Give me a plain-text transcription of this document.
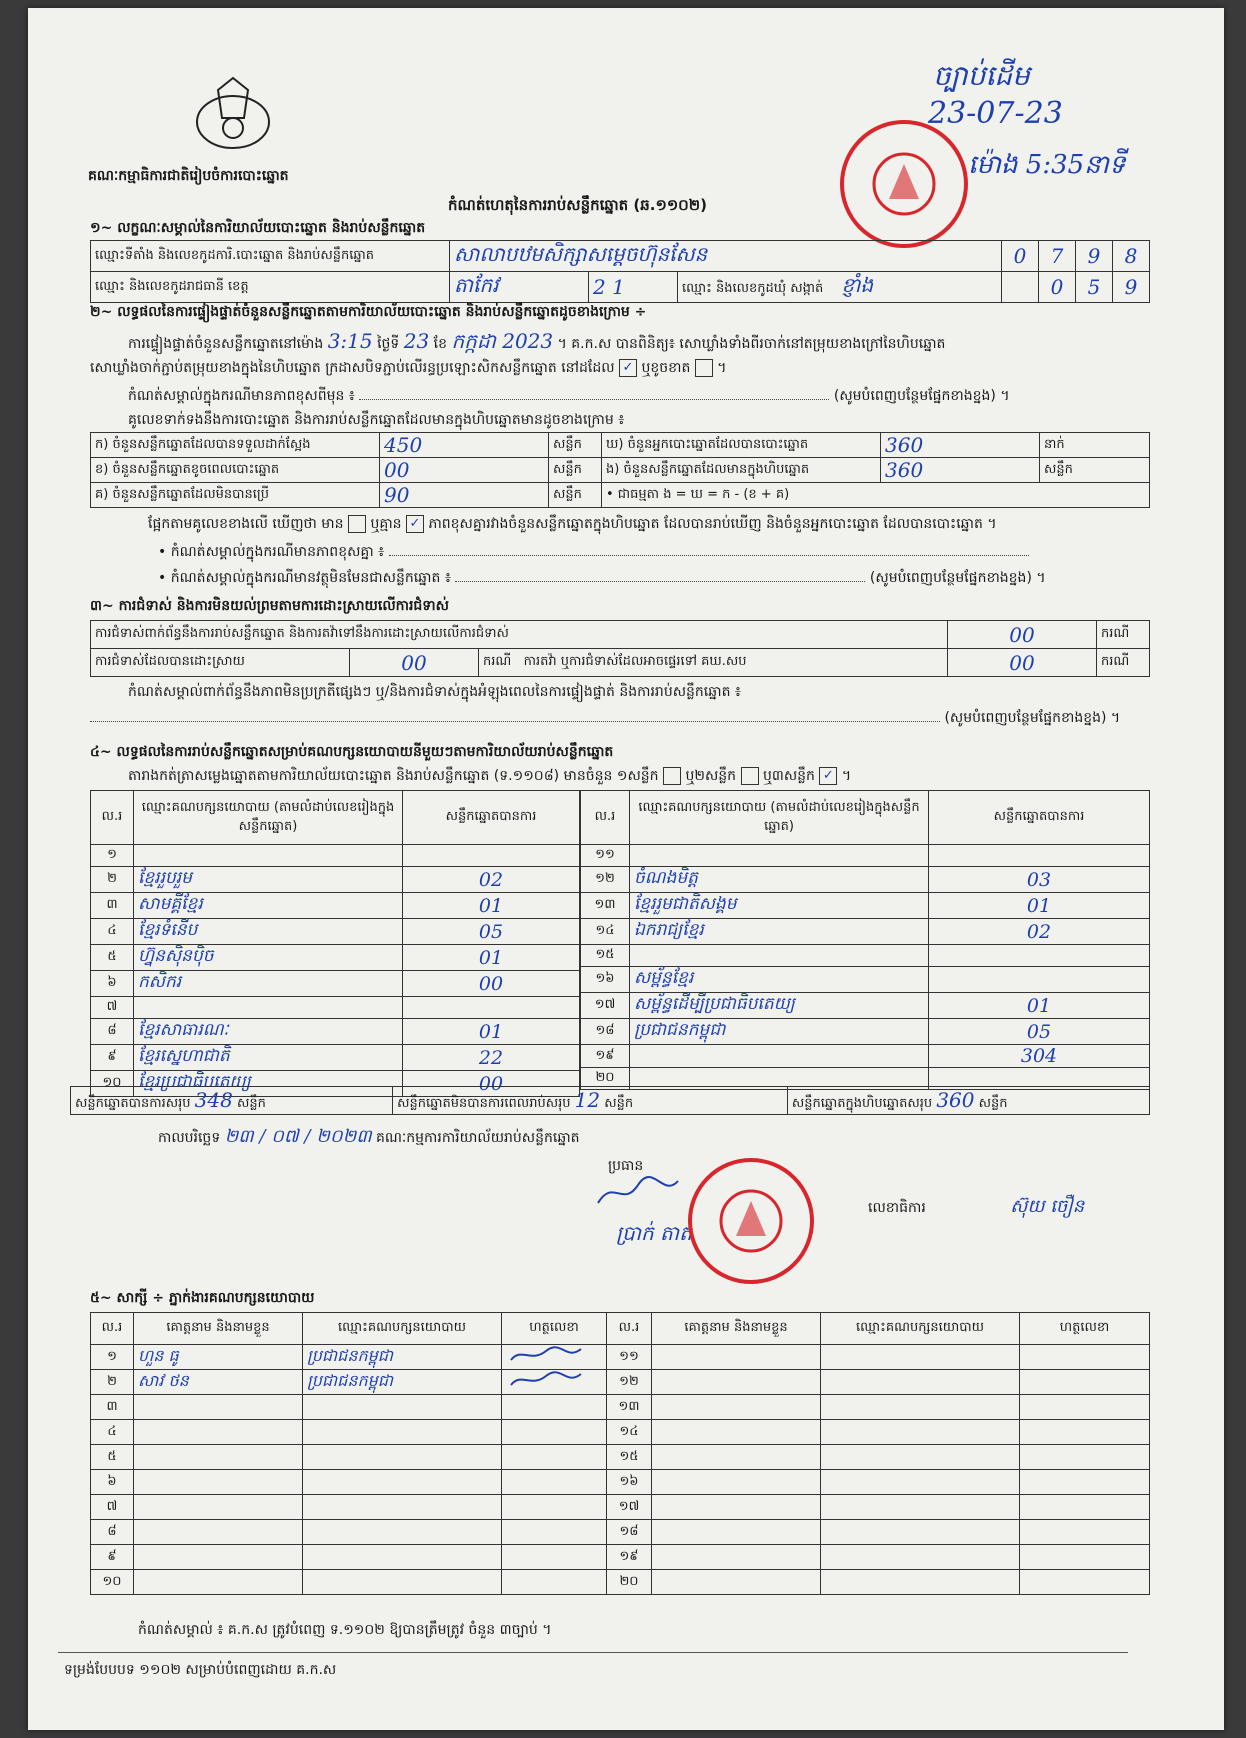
គណៈកម្មាធិការជាតិរៀបចំការបោះឆ្នោត
ច្បាប់ដើម
23-07-23
ម៉ោង 5:35នាទី
កំណត់ហេតុនៃការរាប់សន្លឹកឆ្នោត (ឆ.១១០២)
១~ លក្ខណៈសម្គាល់នៃការិយាល័យបោះឆ្នោត និងរាប់សន្លឹកឆ្នោត
ឈ្មោះទីតាំង និងលេខកូដការិ.បោះឆ្នោត និងរាប់សន្លឹកឆ្នោត	សាលាបឋមសិក្សាសម្តេចហ៊ុនសែន			0	7	9	8
ឈ្មោះ និងលេខកូដរាជធានី ខេត្ត	តាកែវ	2 1	ឈ្មោះ និងលេខកូដឃុំ សង្កាត់ ខ្ញាំង		0	5	9
២~ លទ្ធផលនៃការផ្ទៀងផ្ទាត់ចំនួនសន្លឹកឆ្នោតតាមការិយាល័យបោះឆ្នោត និងរាប់សន្លឹកឆ្នោតដូចខាងក្រោម ÷
ការផ្ទៀងផ្ទាត់ចំនួនសន្លឹកឆ្នោតនៅម៉ោង 3:15 ថ្ងៃទី 23 ខែ កក្កដា 2023 ។ គ.ក.ស បានពិនិត្យ៖ សោឃ្លាំងទាំងពីរចាក់នៅតម្រុយខាងក្រៅនៃហិបឆ្នោត
សោឃ្លាំងចាក់ភ្ជាប់តម្រុយខាងក្នុងនៃហិបឆ្នោត ក្រដាសបិទភ្ជាប់លើរន្ធប្រឡោះសិកសន្លឹកឆ្នោត នៅដដែល ✓ ឬខូចខាត  ។
កំណត់សម្គាល់ក្នុងករណីមានភាពខុសពីមុន ៖	(សូមបំពេញបន្ថែមផ្នែកខាងខ្នង) ។
គូលេខទាក់ទងនឹងការបោះឆ្នោត និងការរាប់សន្លឹកឆ្នោតដែលមានក្នុងហិបឆ្នោតមានដូចខាងក្រោម ៖
ក) ចំនួនសន្លឹកឆ្នោតដែលបានទទួលដាក់ស្អែង	450	សន្លឹក	ឃ) ចំនួនអ្នកបោះឆ្នោតដែលបានបោះឆ្នោត	360	នាក់
ខ) ចំនួនសន្លឹកឆ្នោតខូចពេលបោះឆ្នោត	00	សន្លឹក	ង) ចំនួនសន្លឹកឆ្នោតដែលមានក្នុងហិបឆ្នោត	360	សន្លឹក
គ) ចំនួនសន្លឹកឆ្នោតដែលមិនបានប្រើ	90	សន្លឹក	• ជាធម្មតា ង = ឃ = ក - (ខ + គ)		
ផ្អែកតាមគូលេខខាងលើ ឃើញថា មាន ឬគ្មាន ✓ ភាពខុសគ្នារវាងចំនួនសន្លឹកឆ្នោតក្នុងហិបឆ្នោត ដែលបានរាប់ឃើញ និងចំនួនអ្នកបោះឆ្នោត ដែលបានបោះឆ្នោត ។
• កំណត់សម្គាល់ក្នុងករណីមានភាពខុសគ្នា ៖
• កំណត់សម្គាល់ក្នុងករណីមានវត្ថុមិនមែនជាសន្លឹកឆ្នោត ៖	(សូមបំពេញបន្ថែមផ្នែកខាងខ្នង) ។
៣~ ការជំទាស់ និងការមិនយល់ព្រមតាមការដោះស្រាយលើការជំទាស់
ការជំទាស់ពាក់ព័ន្ធនឹងការរាប់សន្លឹកឆ្នោត និងការតវ៉ាទៅនឹងការដោះស្រាយលើការជំទាស់			00	ករណី
ការជំទាស់ដែលបានដោះស្រាយ	00	ករណី ការតវ៉ា ឬការជំទាស់ដែលអាចផ្ទេរទៅ គឃ.សប	00	ករណី
កំណត់សម្គាល់ពាក់ព័ន្ធនឹងភាពមិនប្រក្រតីផ្សេងៗ ឬ/និងការជំទាស់ក្នុងអំឡុងពេលនៃការផ្ទៀងផ្ទាត់ និងការរាប់សន្លឹកឆ្នោត ៖
(សូមបំពេញបន្ថែមផ្នែកខាងខ្នង) ។
៤~ លទ្ធផលនៃការរាប់សន្លឹកឆ្នោតសម្រាប់គណបក្សនយោបាយនីមួយៗតាមការិយាល័យរាប់សន្លឹកឆ្នោត
តារាងកត់ត្រាសម្លេងឆ្នោតតាមការិយាល័យបោះឆ្នោត និងរាប់សន្លឹកឆ្នោត (ទ.១១០៨) មានចំនួន ១សន្លឹក ឬ២សន្លឹក ឬ៣សន្លឹក ✓ ។
ល.រ	ឈ្មោះគណបក្សនយោបាយ (តាមលំដាប់លេខរៀងក្នុងសន្លឹកឆ្នោត)	សន្លឹកឆ្នោតបានការ
១		
២	ខ្មែររួបរួម	02
៣	សាមគ្គីខ្មែរ	01
៤	ខ្មែរទំនើប	05
៥	ហ្វ៊ុនស៊ិនប៉ិច	01
៦	កសិករ	00
៧		
៨	ខ្មែរសាធារណៈ	01
៩	ខ្មែរស្នេហាជាតិ	22
១០	ខ្មែរប្រជាធិបតេយ្យ	00
ល.រ	ឈ្មោះគណបក្សនយោបាយ (តាមលំដាប់លេខរៀងក្នុងសន្លឹកឆ្នោត)	សន្លឹកឆ្នោតបានការ
១១		
១២	ចំណងមិត្ត	03
១៣	ខ្មែររួមជាតិសង្គម	01
១៤	ឯករាជ្យខ្មែរ	02
១៥		
១៦	សម្ព័ន្ធខ្មែរ	
១៧	សម្ព័ន្ធដើម្បីប្រជាធិបតេយ្យ	01
១៨	ប្រជាជនកម្ពុជា	05
១៩		304
២០		
សន្លឹកឆ្នោតបានការសរុប 348 សន្លឹក	សន្លឹកឆ្នោតមិនបានការពេលរាប់សរុប 12 សន្លឹក	សន្លឹកឆ្នោតក្នុងហិបឆ្នោតសរុប 360 សន្លឹក
កាលបរិច្ឆេទ ២៣ / ០៧ / ២០២៣ គណៈកម្មការការិយាល័យរាប់សន្លឹកឆ្នោត
ប្រធាន
ប្រាក់ តាត
លេខាធិការ	ស៊ុយ ចឿន
៥~ សាក្សី ÷ ភ្នាក់ងារគណបក្សនយោបាយ
ល.រ	គោត្តនាម និងនាមខ្លួន	ឈ្មោះគណបក្សនយោបាយ	ហត្ថលេខា	ល.រ	គោត្តនាម និងនាមខ្លួន	ឈ្មោះគណបក្សនយោបាយ	ហត្ថលេខា
១	ហួន ធូ	ប្រជាជនកម្ពុជា		១១			
២	សាវ ថន	ប្រជាជនកម្ពុជា		១២			
៣				១៣			
៤				១៤			
៥				១៥			
៦				១៦			
៧				១៧			
៨				១៨			
៩				១៩			
១០				២០			
កំណត់សម្គាល់ ៖ គ.ក.ស ត្រូវបំពេញ ទ.១១០២ ឱ្យបានត្រឹមត្រូវ ចំនួន ៣ច្បាប់ ។
ទម្រង់បែបបទ ១១០២ សម្រាប់បំពេញដោយ គ.ក.ស
